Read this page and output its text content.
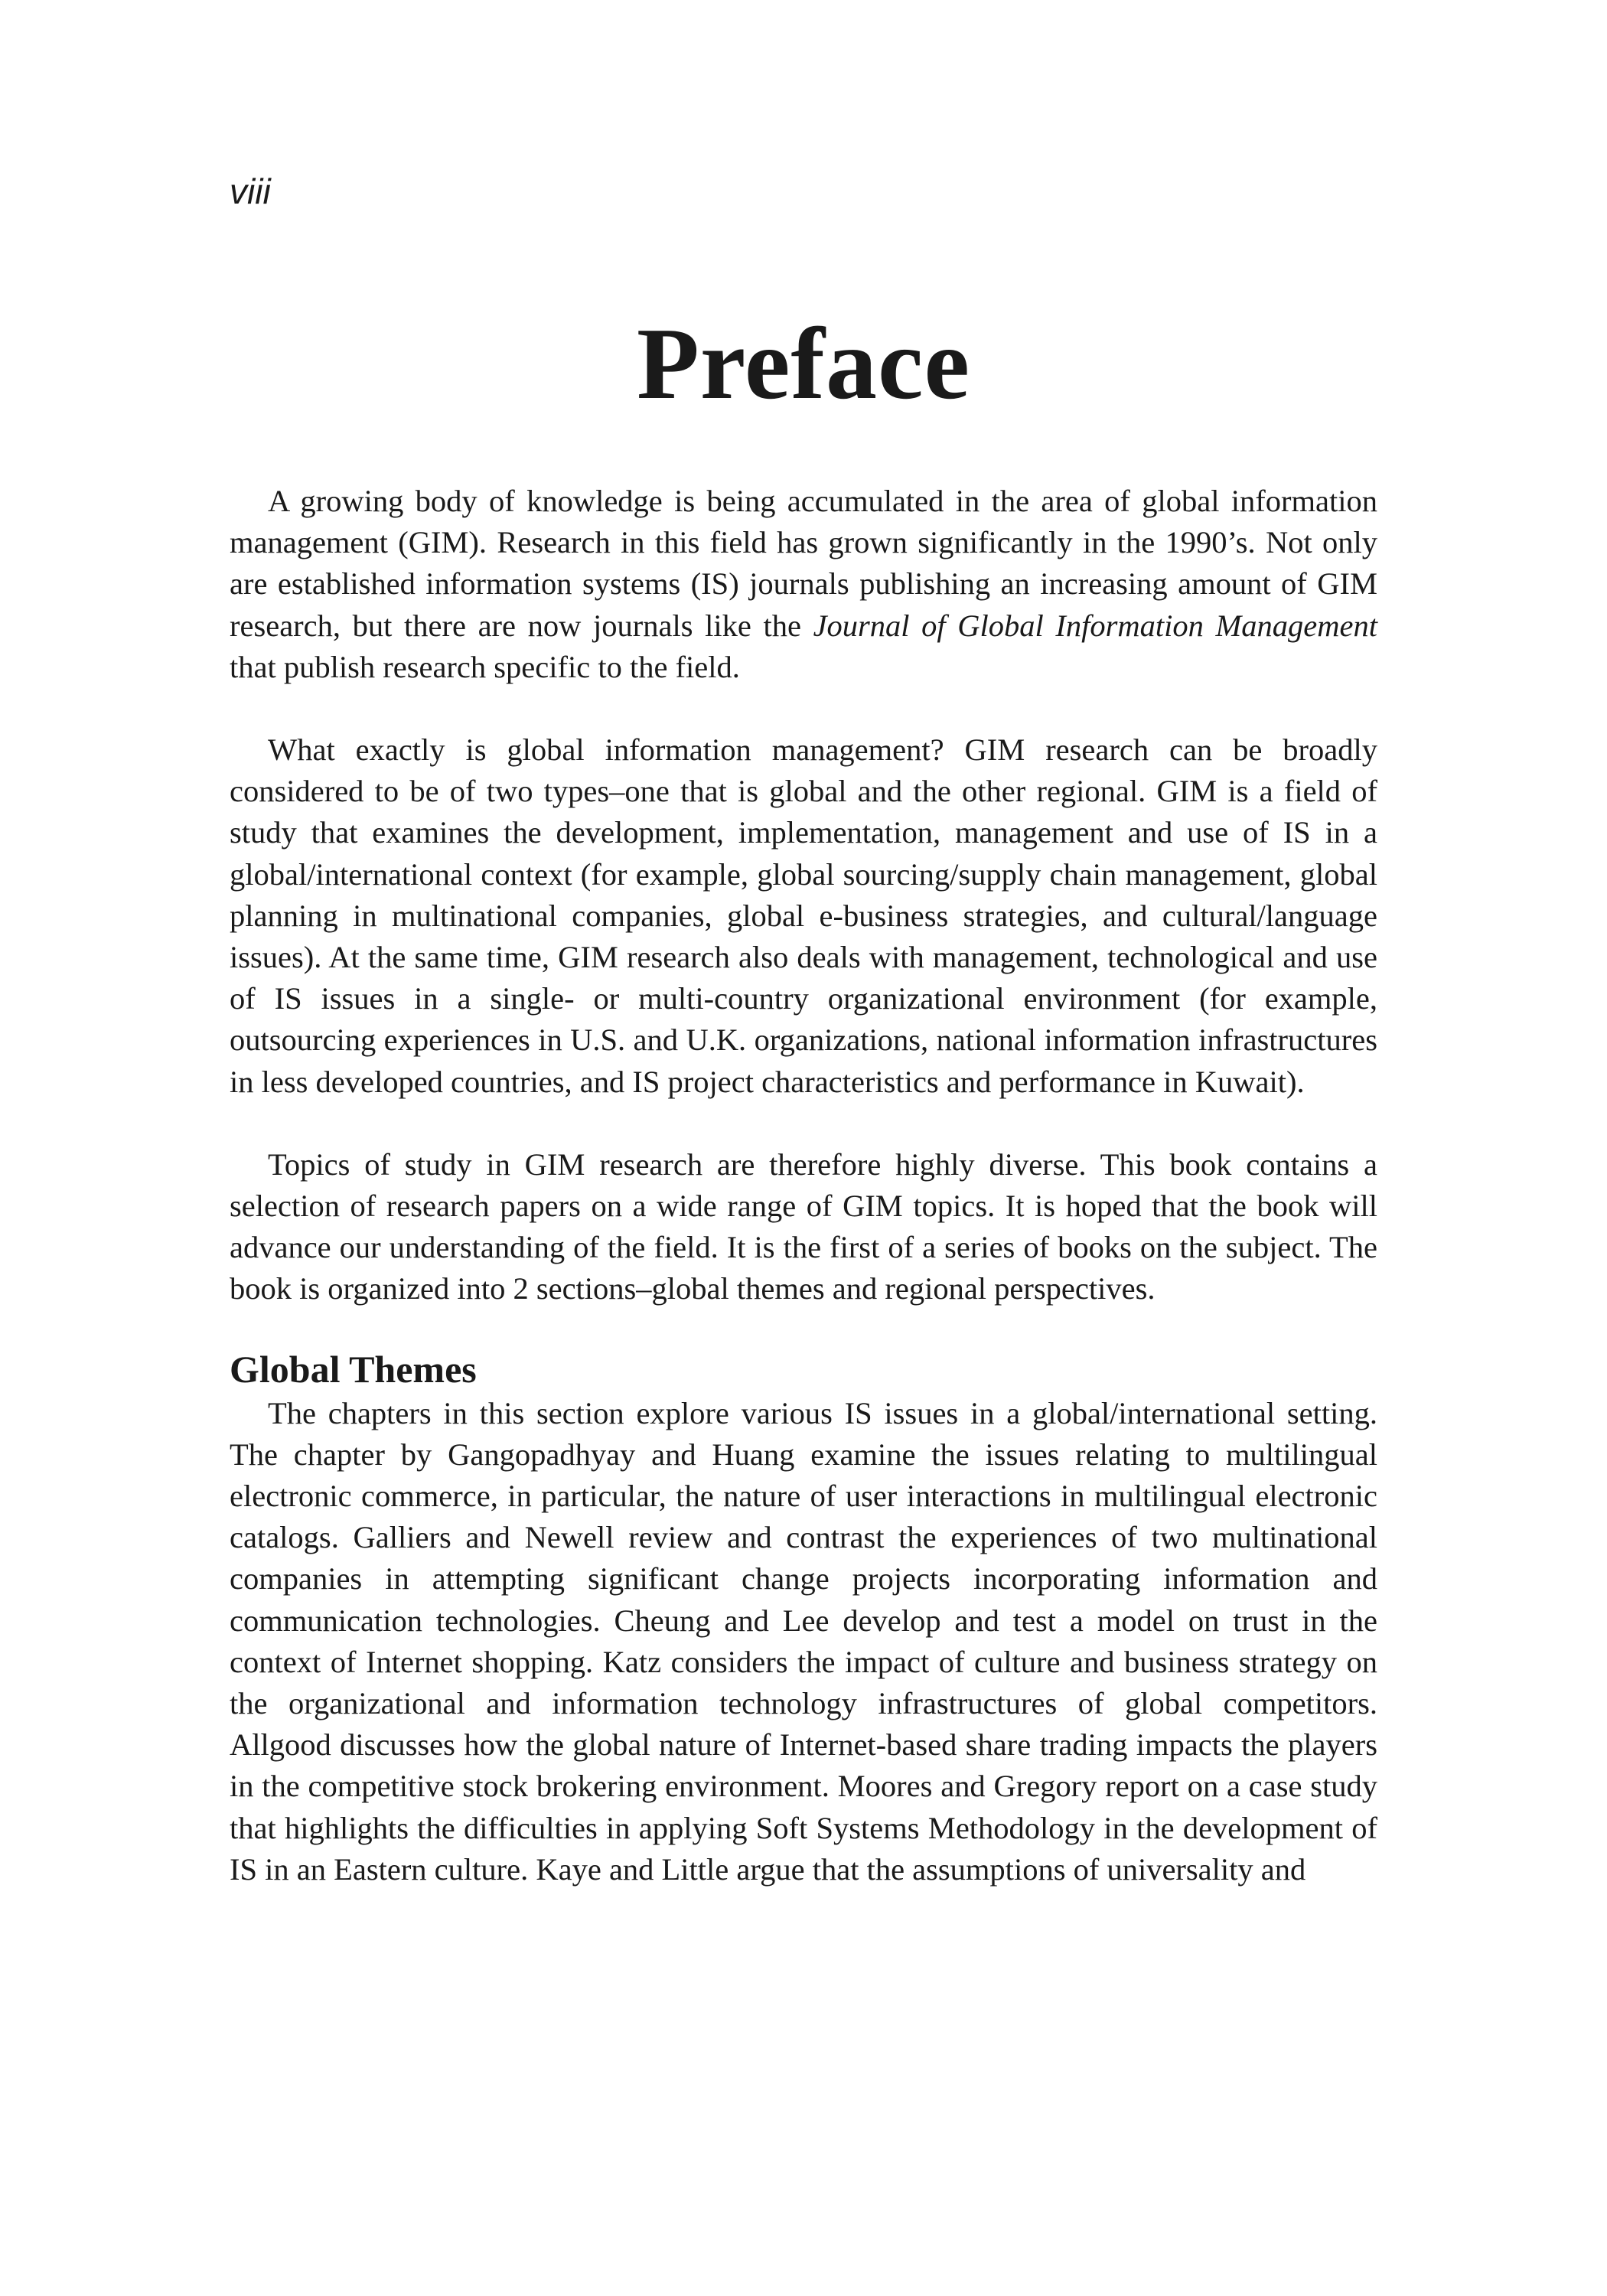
viii
Preface

A growing body of knowledge is being accumulated in the area of global information management (GIM). Research in this field has grown significantly in the 1990’s. Not only are established information systems (IS) journals publishing an increasing amount of GIM research, but there are now journals like the Journal of Global Information Management that publish research specific to the field.

What exactly is global information management? GIM research can be broadly considered to be of two types–one that is global and the other regional. GIM is a field of study that examines the development, implementation, management and use of IS in a global/international context (for example, global sourcing/supply chain management, global planning in multinational companies, global e-business strategies, and cultural/language issues). At the same time, GIM research also deals with management, technological and use of IS issues in a single- or multi-country organizational environment (for example, outsourcing experiences in U.S. and U.K. organizations, national information infrastructures in less developed countries, and IS project characteristics and performance in Kuwait).

Topics of study in GIM research are therefore highly diverse. This book contains a selection of research papers on a wide range of GIM topics. It is hoped that the book will advance our understanding of the field. It is the first of a series of books on the subject. The book is organized into 2 sections–global themes and regional perspectives.

Global Themes

The chapters in this section explore various IS issues in a global/international setting. The chapter by Gangopadhyay and Huang examine the issues relating to multilingual electronic commerce, in particular, the nature of user interactions in multilingual electronic catalogs. Galliers and Newell review and contrast the experiences of two multinational companies in attempting significant change projects incorporating information and communication technologies. Cheung and Lee develop and test a model on trust in the context of Internet shopping. Katz considers the impact of culture and business strategy on the organizational and information technology infrastructures of global competitors. Allgood discusses how the global nature of Internet-based share trading impacts the players in the competitive stock brokering environment. Moores and Gregory report on a case study that highlights the difficulties in applying Soft Systems Methodology in the development of IS in an Eastern culture. Kaye and Little argue that the assumptions of universality and
